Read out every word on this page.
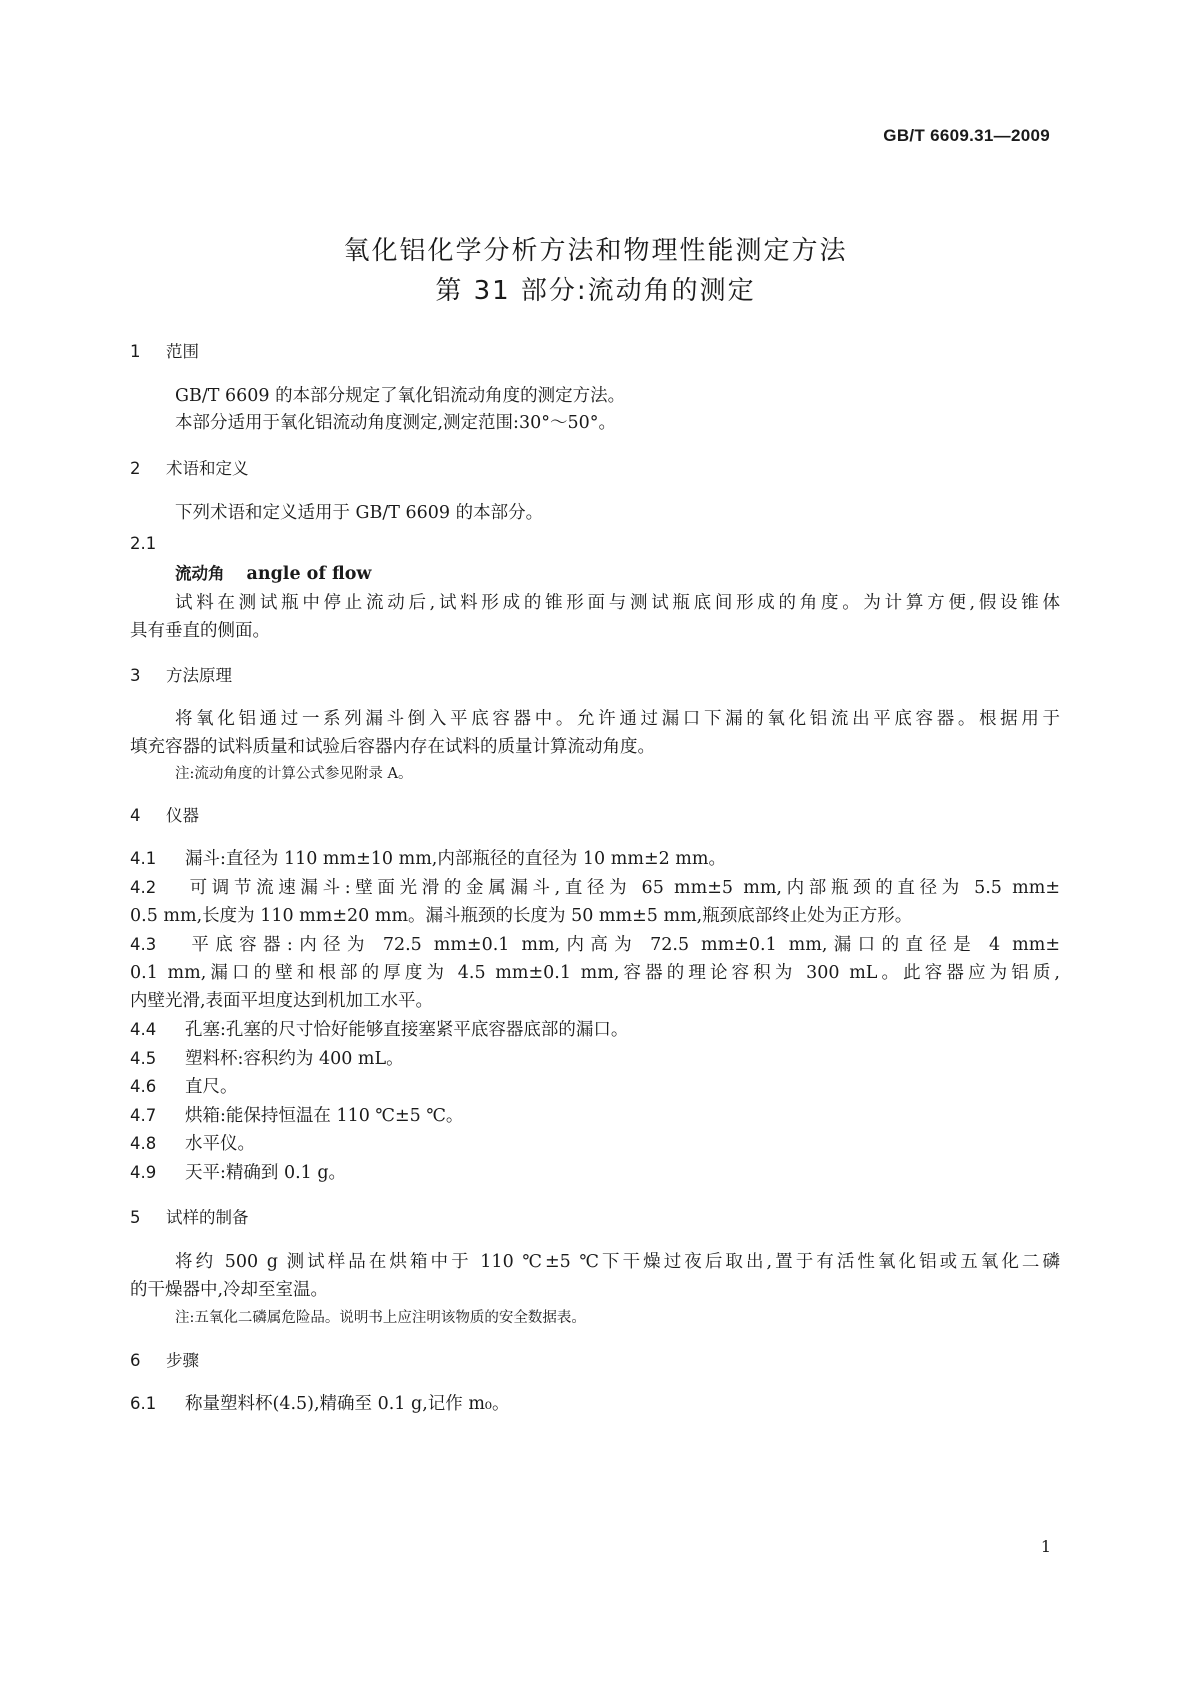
GB/T 6609.31—2009
氧化铝化学分析方法和物理性能测定方法
第 31 部分:流动角的测定
1 范围
GB/T 6609 的本部分规定了氧化铝流动角度的测定方法。
本部分适用于氧化铝流动角度测定,测定范围:30°～50°。
2 术语和定义
下列术语和定义适用于 GB/T 6609 的本部分。
2.1
流动角 angle of flow
试料在测试瓶中停止流动后,试料形成的锥形面与测试瓶底间形成的角度。为计算方便,假设锥体
具有垂直的侧面。
3 方法原理
将氧化铝通过一系列漏斗倒入平底容器中。允许通过漏口下漏的氧化铝流出平底容器。根据用于
填充容器的试料质量和试验后容器内存在试料的质量计算流动角度。
注:流动角度的计算公式参见附录 A。
4 仪器
4.1 漏斗:直径为 110 mm±10 mm,内部瓶径的直径为 10 mm±2 mm。
4.2 可调节流速漏斗:壁面光滑的金属漏斗,直径为 65 mm±5 mm,内部瓶颈的直径为 5.5 mm±
0.5 mm,长度为 110 mm±20 mm。漏斗瓶颈的长度为 50 mm±5 mm,瓶颈底部终止处为正方形。
4.3 平底容器:内径为 72.5 mm±0.1 mm,内高为 72.5 mm±0.1 mm,漏口的直径是 4 mm±
0.1 mm,漏口的壁和根部的厚度为 4.5 mm±0.1 mm,容器的理论容积为 300 mL。此容器应为铝质,
内壁光滑,表面平坦度达到机加工水平。
4.4 孔塞:孔塞的尺寸恰好能够直接塞紧平底容器底部的漏口。
4.5 塑料杯:容积约为 400 mL。
4.6 直尺。
4.7 烘箱:能保持恒温在 110 ℃±5 ℃。
4.8 水平仪。
4.9 天平:精确到 0.1 g。
5 试样的制备
将约 500 g 测试样品在烘箱中于 110 ℃±5 ℃下干燥过夜后取出,置于有活性氧化铝或五氧化二磷
的干燥器中,冷却至室温。
注:五氧化二磷属危险品。说明书上应注明该物质的安全数据表。
6 步骤
6.1 称量塑料杯(4.5),精确至 0.1 g,记作 m₀。
1
